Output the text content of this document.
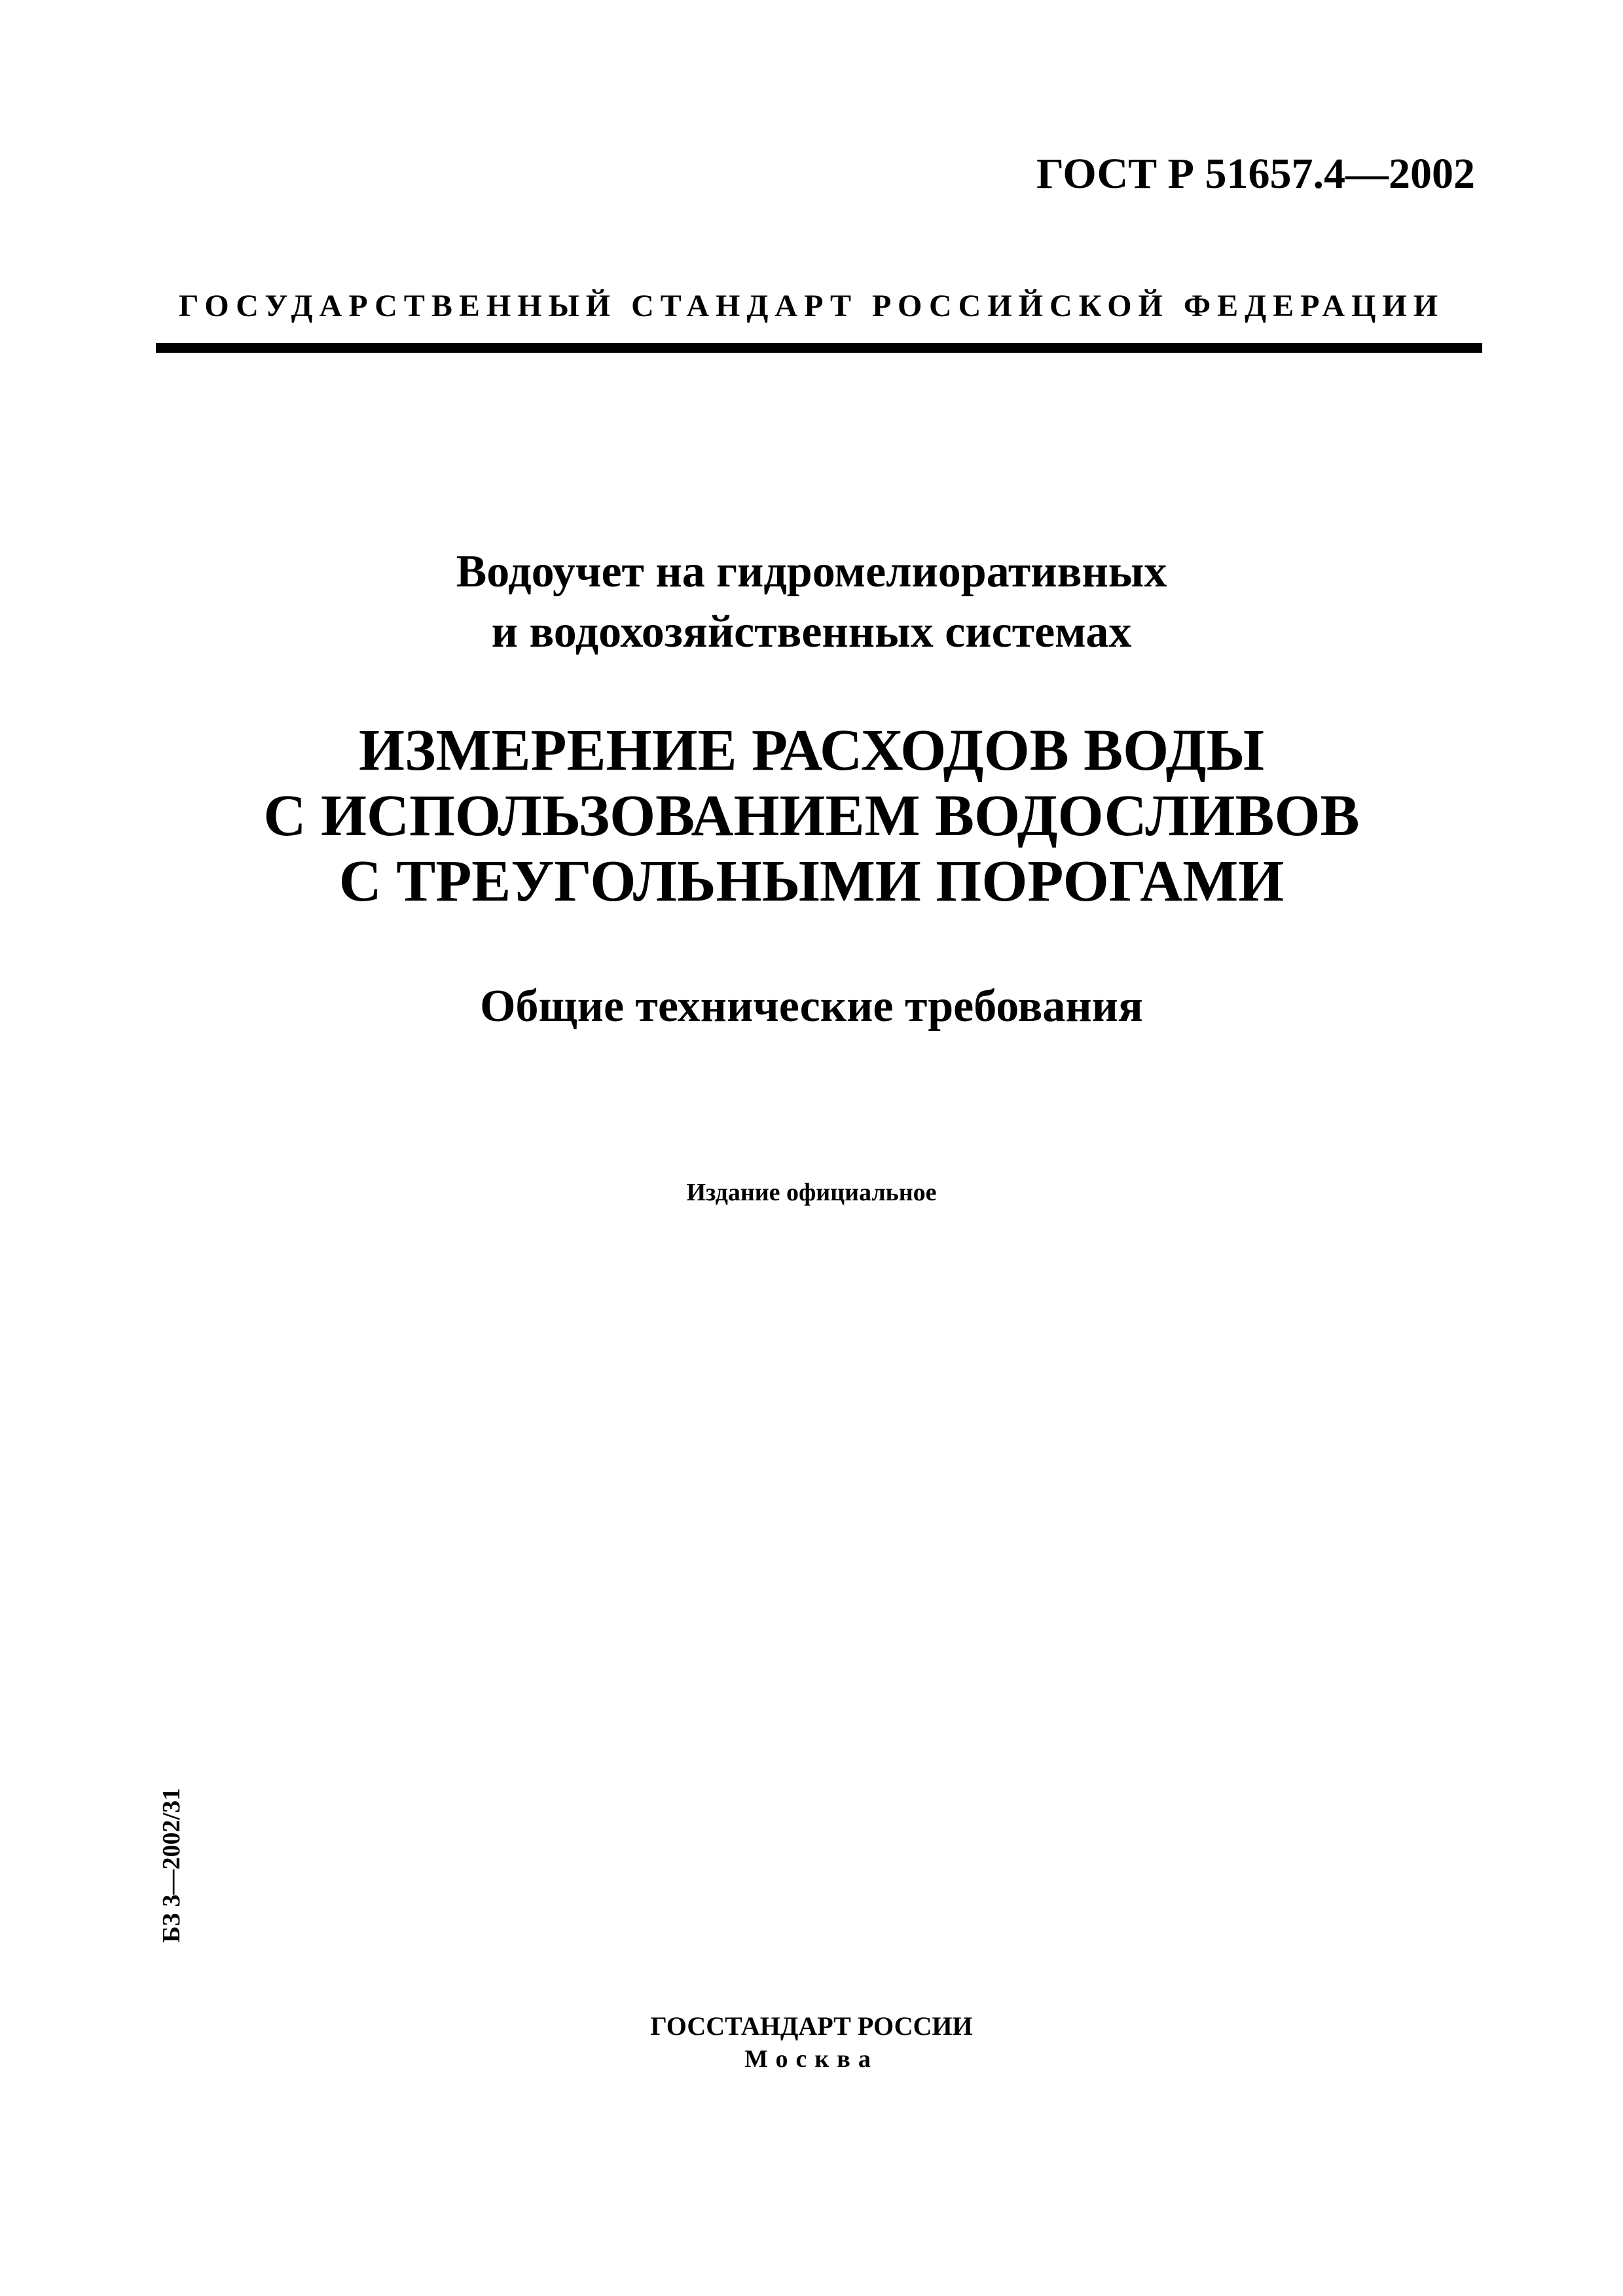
ГОСТ Р 51657.4—2002
ГОСУДАРСТВЕННЫЙ СТАНДАРТ РОССИЙСКОЙ ФЕДЕРАЦИИ
Водоучет на гидромелиоративных
и водохозяйственных системах
ИЗМЕРЕНИЕ РАСХОДОВ ВОДЫ
С ИСПОЛЬЗОВАНИЕМ ВОДОСЛИВОВ
С ТРЕУГОЛЬНЫМИ ПОРОГАМИ
Общие технические требования
Издание официальное
БЗ 3—2002/31
ГОССТАНДАРТ РОССИИ
Москва
